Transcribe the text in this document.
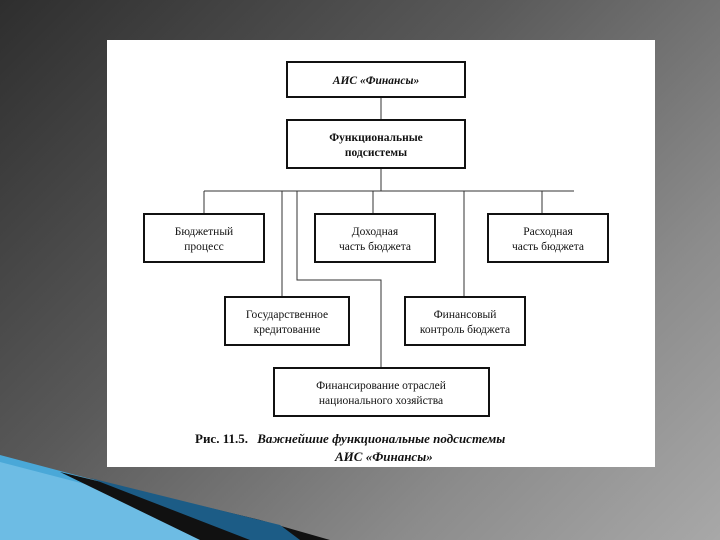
АИС «Финансы»
Функциональные
подсистемы
Бюджетный
процесс
Доходная
часть бюджета
Расходная
часть бюджета
Государственное
кредитование
Финансовый
контроль бюджета
Финансирование отраслей
национального хозяйства
Рис. 11.5. Важнейшие функциональные подсистемы
АИС «Финансы»
